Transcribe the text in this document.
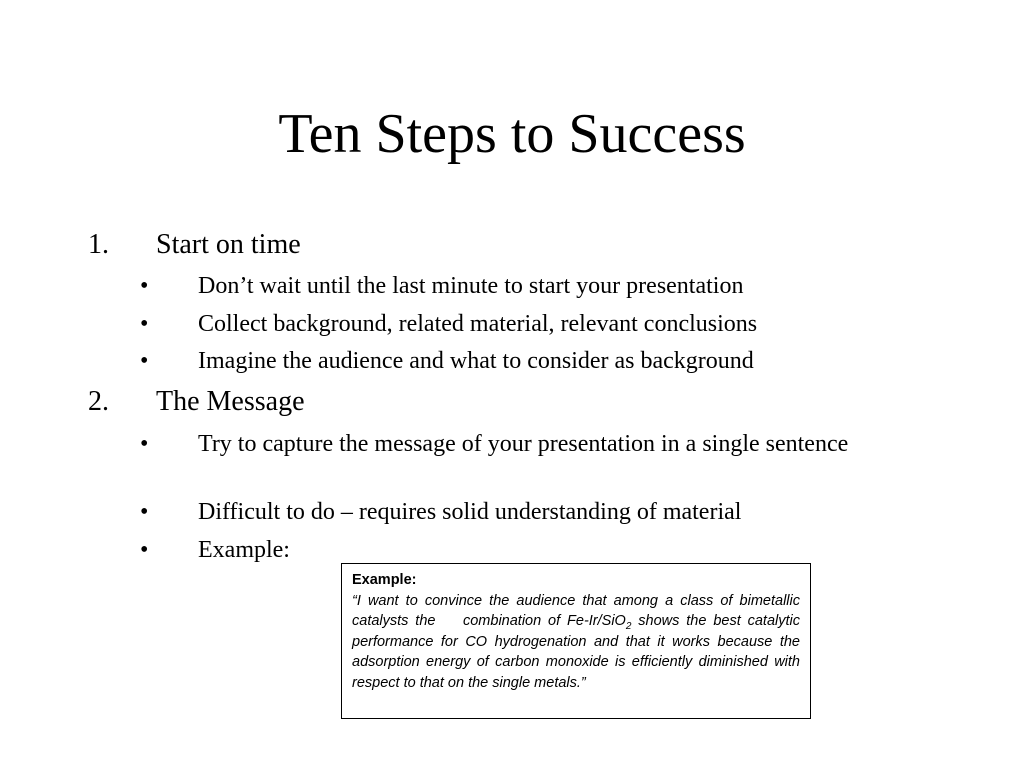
Ten Steps to Success
1. Start on time
• Don’t wait until the last minute to start your presentation
• Collect background, related material, relevant conclusions
• Imagine the audience and what to consider as background
2. The Message
• Try to capture the message of your presentation in a single sentence
• Difficult to do – requires solid understanding of material
• Example:
Example:
“I want to convince the audience that among a class of bimetallic catalysts the    combination of Fe-Ir/SiO$_2$ shows the best catalytic performance for CO hydrogenation and that it works because the adsorption energy of carbon monoxide is efficiently diminished with respect to that on the single metals.”
